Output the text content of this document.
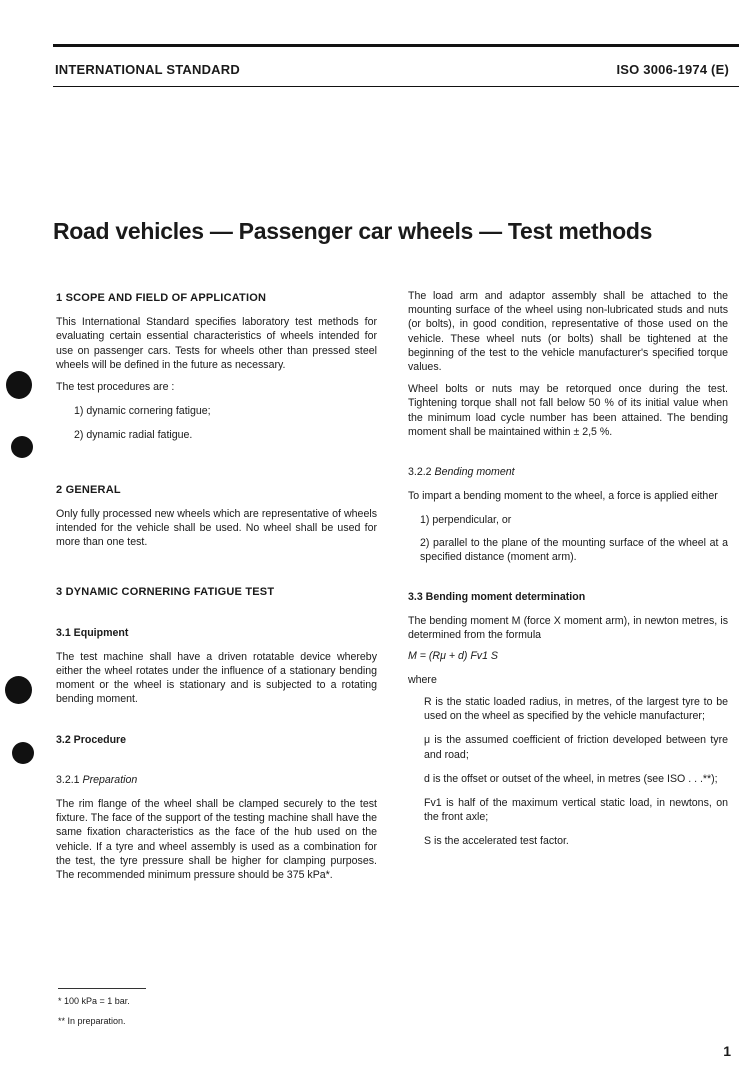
INTERNATIONAL STANDARD	ISO 3006-1974 (E)
Road vehicles — Passenger car wheels — Test methods

1 SCOPE AND FIELD OF APPLICATION

This International Standard specifies laboratory test methods for evaluating certain essential characteristics of wheels intended for use on passenger cars. Tests for wheels other than pressed steel wheels will be defined in the future as necessary.

The test procedures are :

1) dynamic cornering fatigue;

2) dynamic radial fatigue.

2 GENERAL

Only fully processed new wheels which are representative of wheels intended for the vehicle shall be used. No wheel shall be used for more than one test.

3 DYNAMIC CORNERING FATIGUE TEST

3.1 Equipment

The test machine shall have a driven rotatable device whereby either the wheel rotates under the influence of a stationary bending moment or the wheel is stationary and is subjected to a rotating bending moment.

3.2 Procedure

3.2.1 Preparation

The rim flange of the wheel shall be clamped securely to the test fixture. The face of the support of the testing machine shall have the same fixation characteristics as the face of the hub used on the vehicle. If a tyre and wheel assembly is used as a combination for the test, the tyre pressure shall be higher for clamping purposes. The recommended minimum pressure should be 375 kPa*.

The load arm and adaptor assembly shall be attached to the mounting surface of the wheel using non-lubricated studs and nuts (or bolts), in good condition, representative of those used on the vehicle. These wheel nuts (or bolts) shall be tightened at the beginning of the test to the vehicle manufacturer's specified torque values.

Wheel bolts or nuts may be retorqued once during the test. Tightening torque shall not fall below 50 % of its initial value when the minimum load cycle number has been attained. The bending moment shall be maintained within ± 2,5 %.

3.2.2 Bending moment

To impart a bending moment to the wheel, a force is applied either

1) perpendicular, or

2) parallel to the plane of the mounting surface of the wheel at a specified distance (moment arm).

3.3 Bending moment determination

The bending moment M (force X moment arm), in newton metres, is determined from the formula

M = (Rμ + d) Fv1 S

where

R is the static loaded radius, in metres, of the largest tyre to be used on the wheel as specified by the vehicle manufacturer;

μ is the assumed coefficient of friction developed between tyre and road;

d is the offset or outset of the wheel, in metres (see ISO . . .**);

Fv1 is half of the maximum vertical static load, in newtons, on the front axle;

S is the accelerated test factor.

* 100 kPa = 1 bar.
** In preparation.
1
